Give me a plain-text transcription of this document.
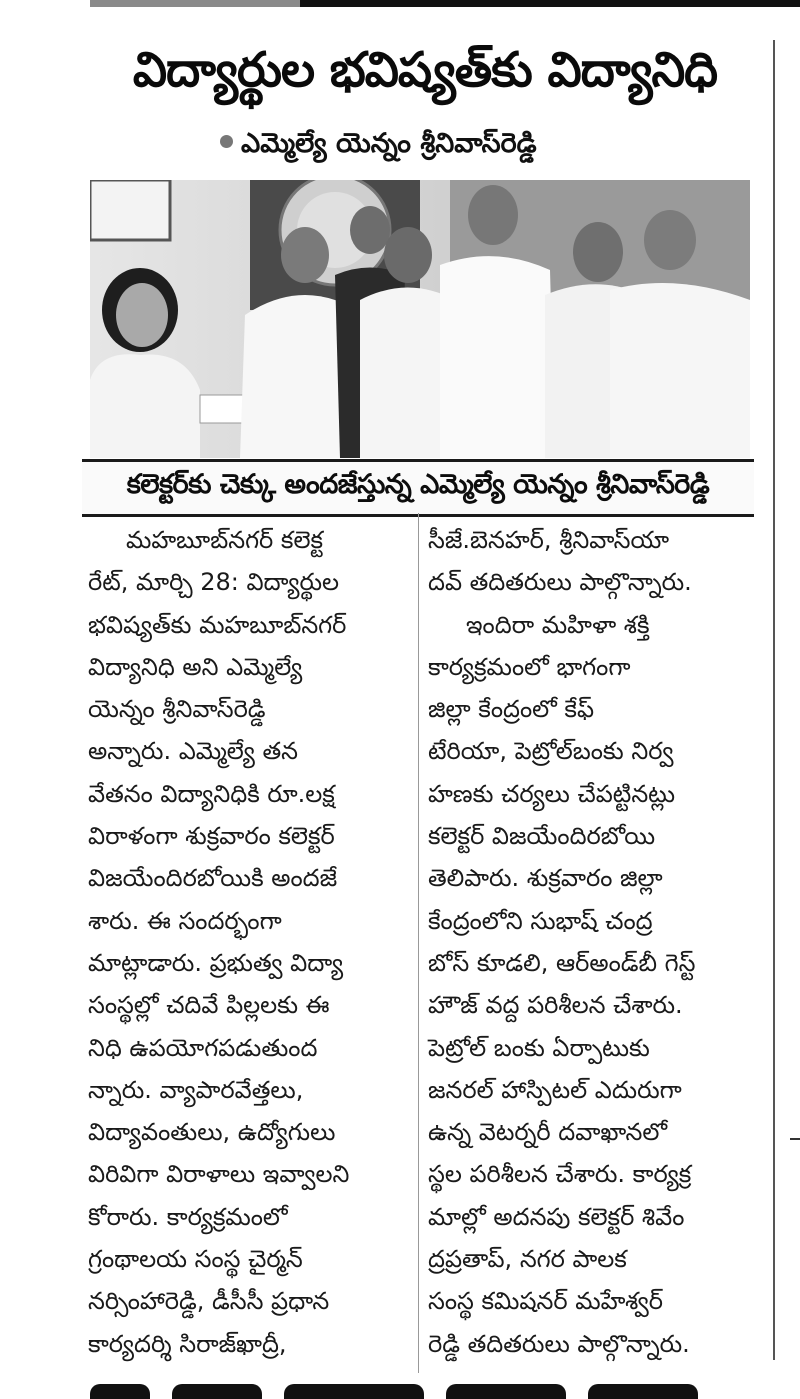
విద్యార్థుల భవిష్యత్‌కు విద్యానిధి
ఎమ్మెల్యే యెన్నం శ్రీనివాస్‌రెడ్డి
కలెక్టర్‌కు చెక్కు అందజేస్తున్న ఎమ్మెల్యే యెన్నం శ్రీనివాస్‌రెడ్డి
మహబూబ్‌నగర్ కలెక్ట
రేట్, మార్చి 28: విద్యార్థుల
భవిష్యత్‌కు మహబూబ్‌నగర్
విద్యానిధి అని ఎమ్మెల్యే
యెన్నం శ్రీనివాస్‌రెడ్డి
అన్నారు. ఎమ్మెల్యే తన
వేతనం విద్యానిధికి రూ.లక్ష
విరాళంగా శుక్రవారం కలెక్టర్
విజయేందిరబోయికి అందజే
శారు. ఈ సందర్భంగా
మాట్లాడారు. ప్రభుత్వ విద్యా
సంస్థల్లో చదివే పిల్లలకు ఈ
నిధి ఉపయోగపడుతుంద
న్నారు. వ్యాపారవేత్తలు,
విద్యావంతులు, ఉద్యోగులు
విరివిగా విరాళాలు ఇవ్వాలని
కోరారు. కార్యక్రమంలో
గ్రంథాలయ సంస్థ చైర్మన్
నర్సింహారెడ్డి, డీసీసీ ప్రధాన
కార్యదర్శి సిరాజ్‌ఖాద్రీ,
సీజే.బెనహర్, శ్రీనివాస్‌యా
దవ్ తదితరులు పాల్గొన్నారు.
ఇందిరా మహిళా శక్తి
కార్యక్రమంలో భాగంగా
జిల్లా కేంద్రంలో కేఫ్
టేరియా, పెట్రోల్‌బంకు నిర్వ
హణకు చర్యలు చేపట్టినట్లు
కలెక్టర్ విజయేందిరబోయి
తెలిపారు. శుక్రవారం జిల్లా
కేంద్రంలోని సుభాష్ చంద్ర
బోస్ కూడలి, ఆర్‌అండ్‌బీ గెస్ట్
హౌజ్ వద్ద పరిశీలన చేశారు.
పెట్రోల్ బంకు ఏర్పాటుకు
జనరల్ హాస్పిటల్ ఎదురుగా
ఉన్న వెటర్నరీ దవాఖానలో
స్థల పరిశీలన చేశారు. కార్యక్ర
మాల్లో అదనపు కలెక్టర్ శివేం
ద్రప్రతాప్, నగర పాలక
సంస్థ కమిషనర్ మహేశ్వర్
రెడ్డి తదితరులు పాల్గొన్నారు.
